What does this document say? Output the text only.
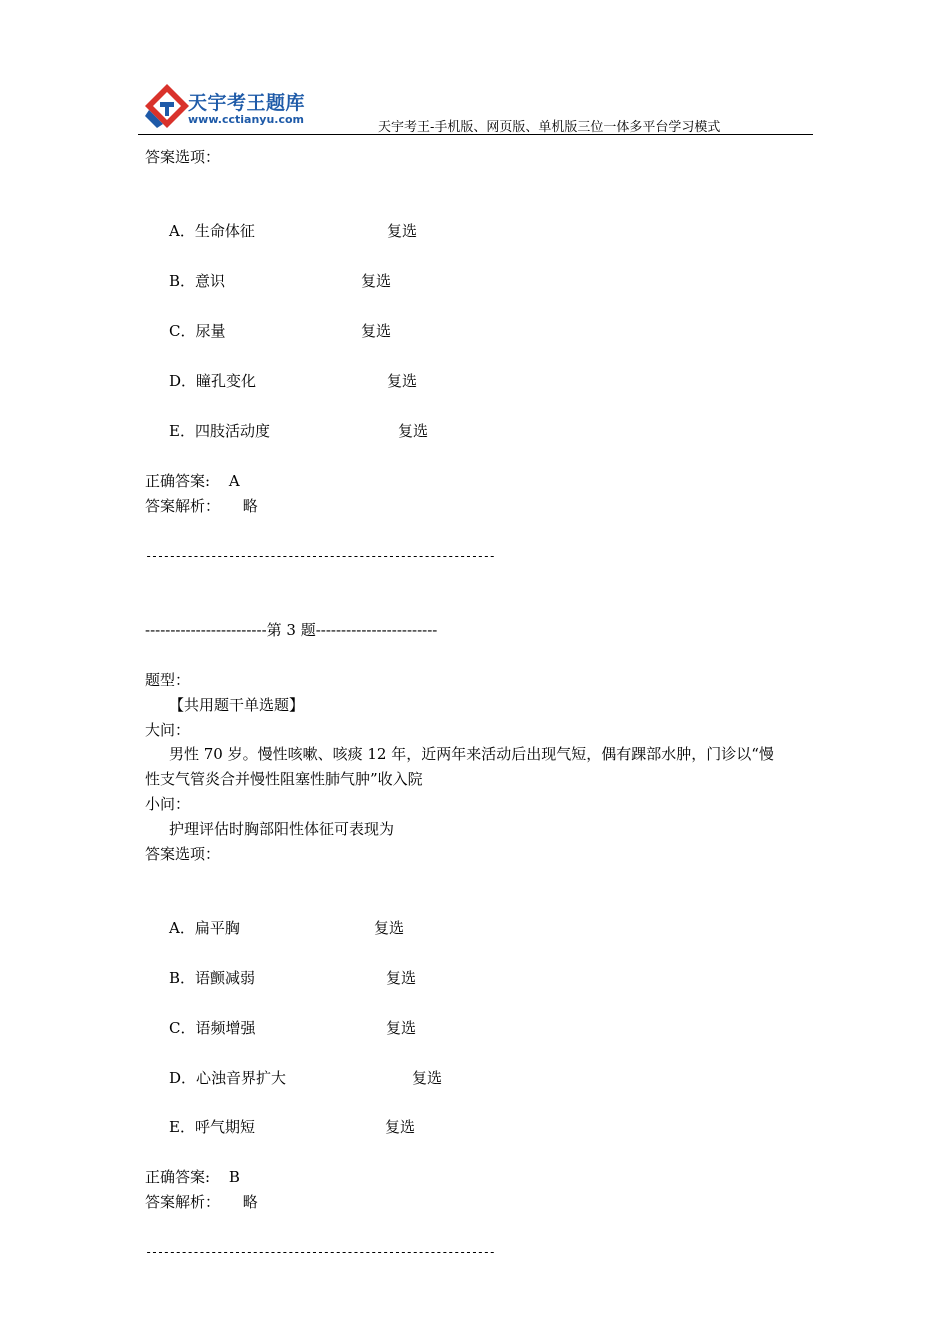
天宇考王题库
www.cctianyu.com
天宇考王-手机版、网页版、单机版三位一体多平台学习模式
答案选项：
A．生命体征	复选
B．意识	复选
C．尿量	复选
D．瞳孔变化	复选
E．四肢活动度	复选
正确答案: A
答案解析： 略
-----------------------------------------------------------
------------------------第 3 题------------------------
题型：
【共用题干单选题】
大问：
男性 70 岁。慢性咳嗽、咳痰 12 年，近两年来活动后出现气短，偶有踝部水肿，门诊以“慢
性支气管炎合并慢性阻塞性肺气肿”收入院
小问：
护理评估时胸部阳性体征可表现为
答案选项：
A．扁平胸	复选
B．语颤减弱	复选
C．语频增强	复选
D．心浊音界扩大	复选
E．呼气期短	复选
正确答案: B
答案解析： 略
-----------------------------------------------------------
